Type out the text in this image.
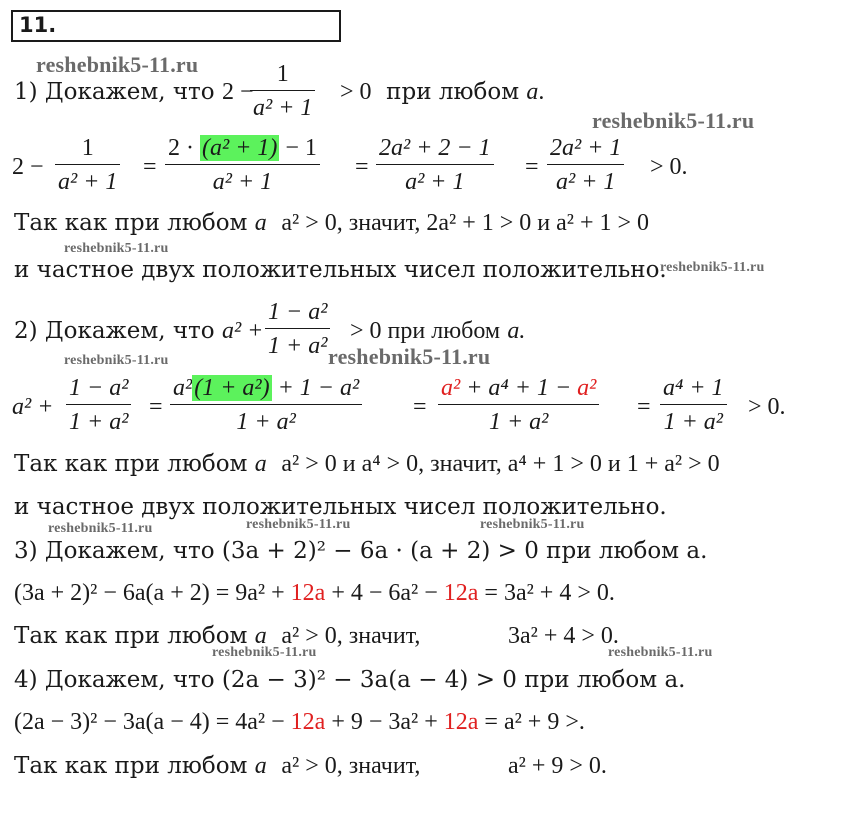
11.
reshebnik5-11.ru
reshebnik5-11.ru
reshebnik5-11.ru
reshebnik5-11.ru
reshebnik5-11.ru	reshebnik5-11.ru
reshebnik5-11.ru	reshebnik5-11.ru	reshebnik5-11.ru
reshebnik5-11.ru	reshebnik5-11.ru
1) Докажем, что 2 −
1
a² + 1
> 0 при любом a.
2 −
1
a² + 1
=
2 · (a² + 1) − 1
a² + 1
=
2a² + 2 − 1
a² + 1
=
2a² + 1
a² + 1
> 0.
Так как при любом a a² > 0, значит, 2a² + 1 > 0 и a² + 1 > 0
и частное двух положительных чисел положительно.
2) Докажем, что a² +
1 − a²
1 + a²
> 0 при любом a.
a² +
1 − a²
1 + a²
=
a²(1 + a²) + 1 − a²
1 + a²
=
a² + a⁴ + 1 − a²
1 + a²
=
a⁴ + 1
1 + a²
> 0.
Так как при любом a a² > 0 и a⁴ > 0, значит, a⁴ + 1 > 0 и 1 + a² > 0
и частное двух положительных чисел положительно.
3) Докажем, что (3a + 2)² − 6a · (a + 2) > 0 при любом a.
(3a + 2)² − 6a(a + 2) = 9a² + 12a + 4 − 6a² − 12a = 3a² + 4 > 0.
Так как при любом a a² > 0, значит,	3a² + 4 > 0.
4) Докажем, что (2a − 3)² − 3a(a − 4) > 0 при любом a.
(2a − 3)² − 3a(a − 4) = 4a² − 12a + 9 − 3a² + 12a = a² + 9 >.
Так как при любом a a² > 0, значит,	a² + 9 > 0.
